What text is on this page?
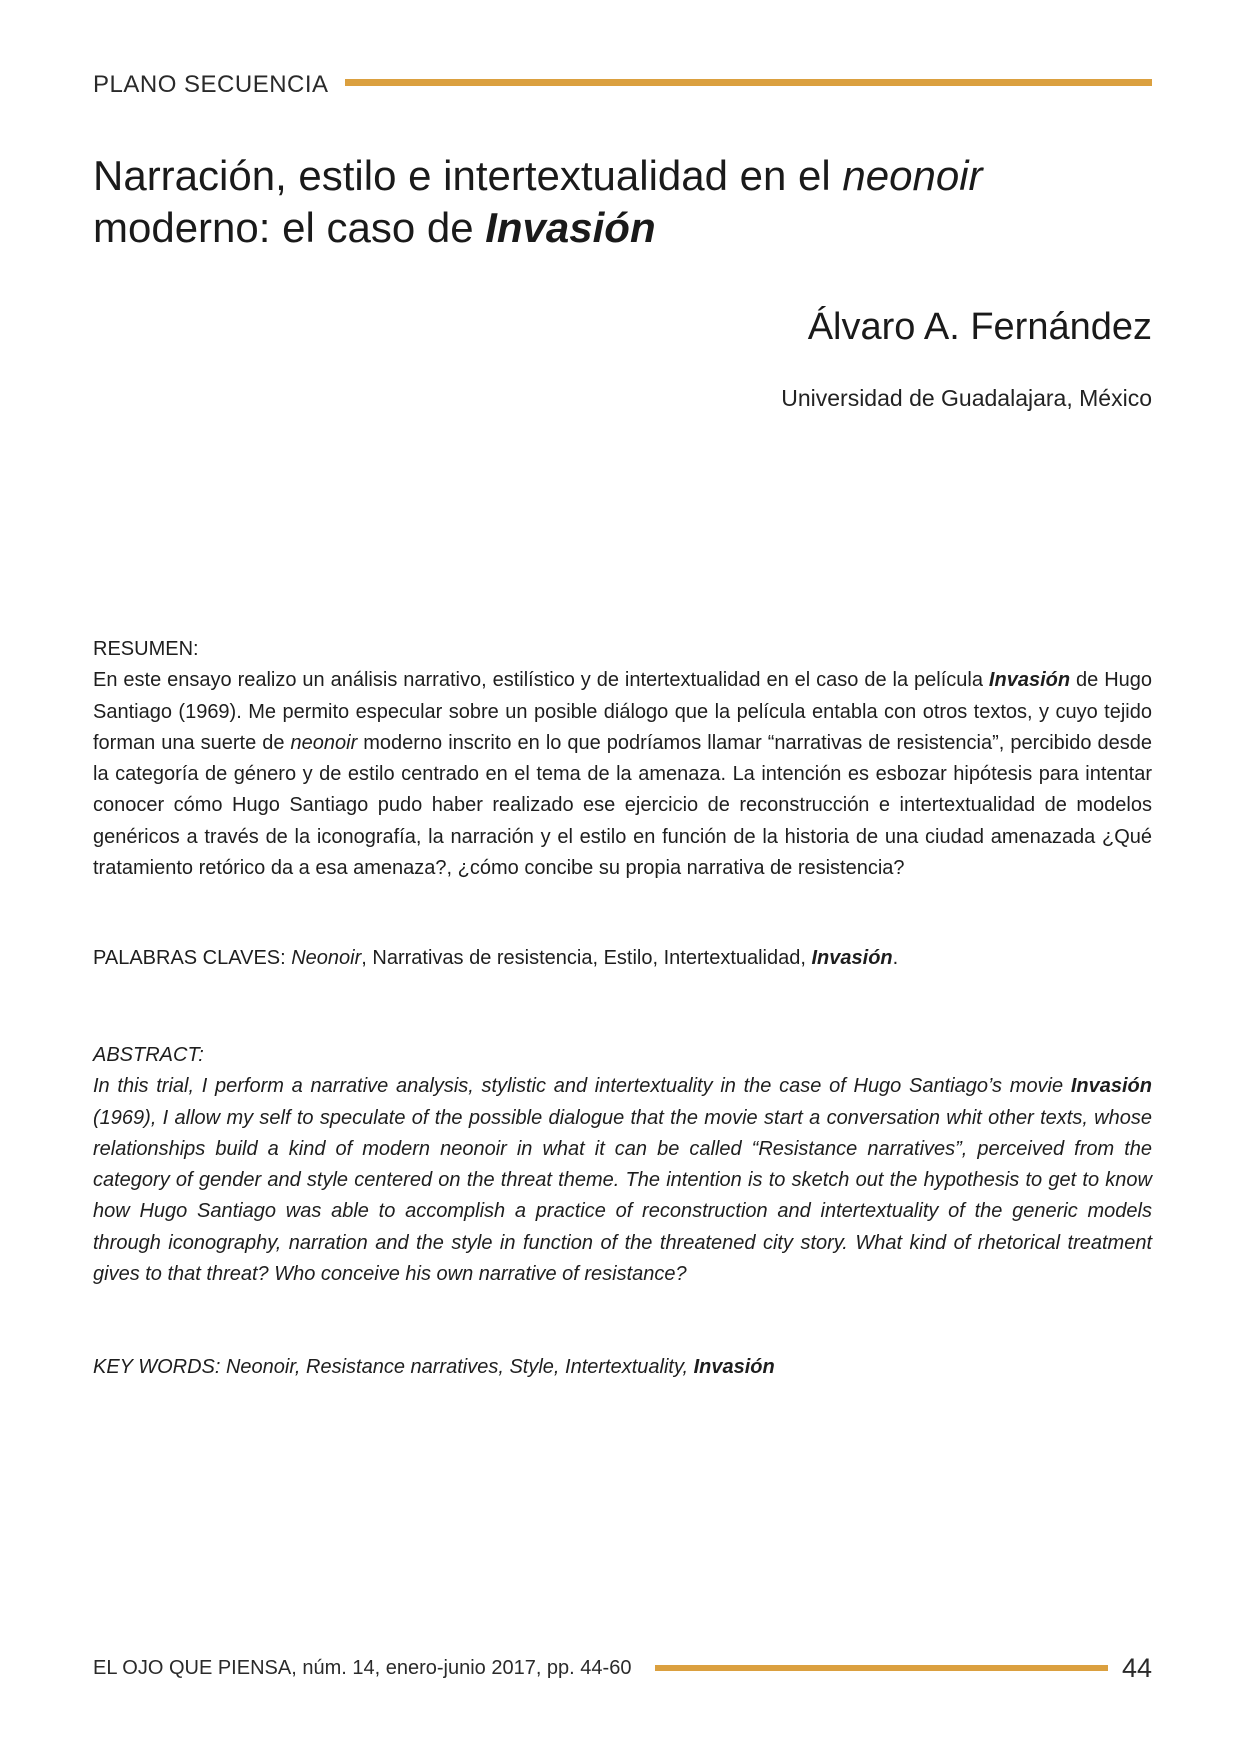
PLANO SECUENCIA
Narración, estilo e intertextualidad en el neonoir
moderno: el caso de Invasión
Álvaro A. Fernández
Universidad de Guadalajara, México
RESUMEN:

En este ensayo realizo un análisis narrativo, estilístico y de intertextualidad en el caso de la película Invasión de Hugo Santiago (1969). Me permito especular sobre un posible diálogo que la película entabla con otros textos, y cuyo tejido forman una suerte de neonoir moderno inscrito en lo que podríamos llamar “narrativas de resistencia”, percibido desde la categoría de género y de estilo centrado en el tema de la amenaza. La intención es esbozar hipótesis para intentar conocer cómo Hugo Santiago pudo haber realizado ese ejercicio de reconstrucción e intertextualidad de modelos genéricos a través de la iconografía, la narración y el estilo en función de la historia de una ciudad amenazada ¿Qué tratamiento retórico da a esa amenaza?, ¿cómo concibe su propia narrativa de resistencia?

PALABRAS CLAVES: Neonoir, Narrativas de resistencia, Estilo, Intertextualidad, Invasión.
ABSTRACT:

In this trial, I perform a narrative analysis, stylistic and intertextuality in the case of Hugo Santiago’s movie Invasión (1969), I allow my self to speculate of the possible dialogue that the movie start a conversation whit other texts, whose relationships build a kind of modern neonoir in what it can be called “Resistance narratives”, perceived from the category of gender and style centered on the threat theme. The intention is to sketch out the hypothesis to get to know how Hugo Santiago was able to accomplish a practice of reconstruction and intertextuality of the generic models through iconography, narration and the style in function of the threatened city story. What kind of rhetorical treatment gives to that threat? Who conceive his own narrative of resistance?

KEY WORDS: Neonoir, Resistance narratives, Style, Intertextuality, Invasión
EL OJO QUE PIENSA, núm. 14, enero-junio 2017, pp. 44-60	44
